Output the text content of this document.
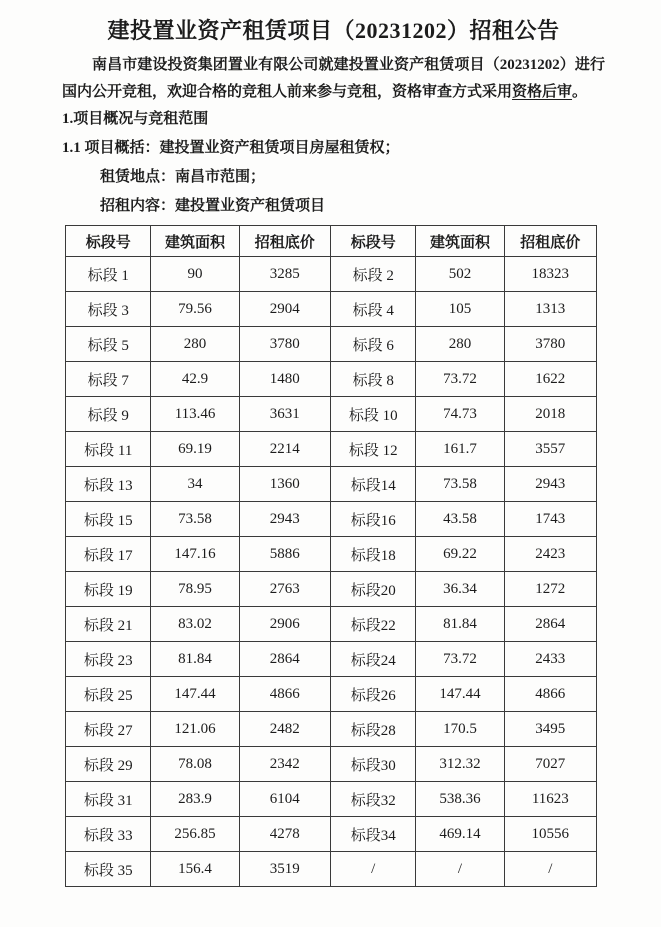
建投置业资产租赁项目（20231202）招租公告

南昌市建设投资集团置业有限公司就建投置业资产租赁项目（20231202）进行国内公开竞租，欢迎合格的竞租人前来参与竞租，资格审查方式采用资格后审。

1.项目概况与竞租范围

1.1 项目概括：建投置业资产租赁项目房屋租赁权；

租赁地点：南昌市范围；

招租内容：建投置业资产租赁项目

标段号	建筑面积	招租底价	标段号	建筑面积	招租底价
标段 1	90	3285	标段 2	502	18323
标段 3	79.56	2904	标段 4	105	1313
标段 5	280	3780	标段 6	280	3780
标段 7	42.9	1480	标段 8	73.72	1622
标段 9	113.46	3631	标段 10	74.73	2018
标段 11	69.19	2214	标段 12	161.7	3557
标段 13	34	1360	标段14	73.58	2943
标段 15	73.58	2943	标段16	43.58	1743
标段 17	147.16	5886	标段18	69.22	2423
标段 19	78.95	2763	标段20	36.34	1272
标段 21	83.02	2906	标段22	81.84	2864
标段 23	81.84	2864	标段24	73.72	2433
标段 25	147.44	4866	标段26	147.44	4866
标段 27	121.06	2482	标段28	170.5	3495
标段 29	78.08	2342	标段30	312.32	7027
标段 31	283.9	6104	标段32	538.36	11623
标段 33	256.85	4278	标段34	469.14	10556
标段 35	156.4	3519	/	/	/
